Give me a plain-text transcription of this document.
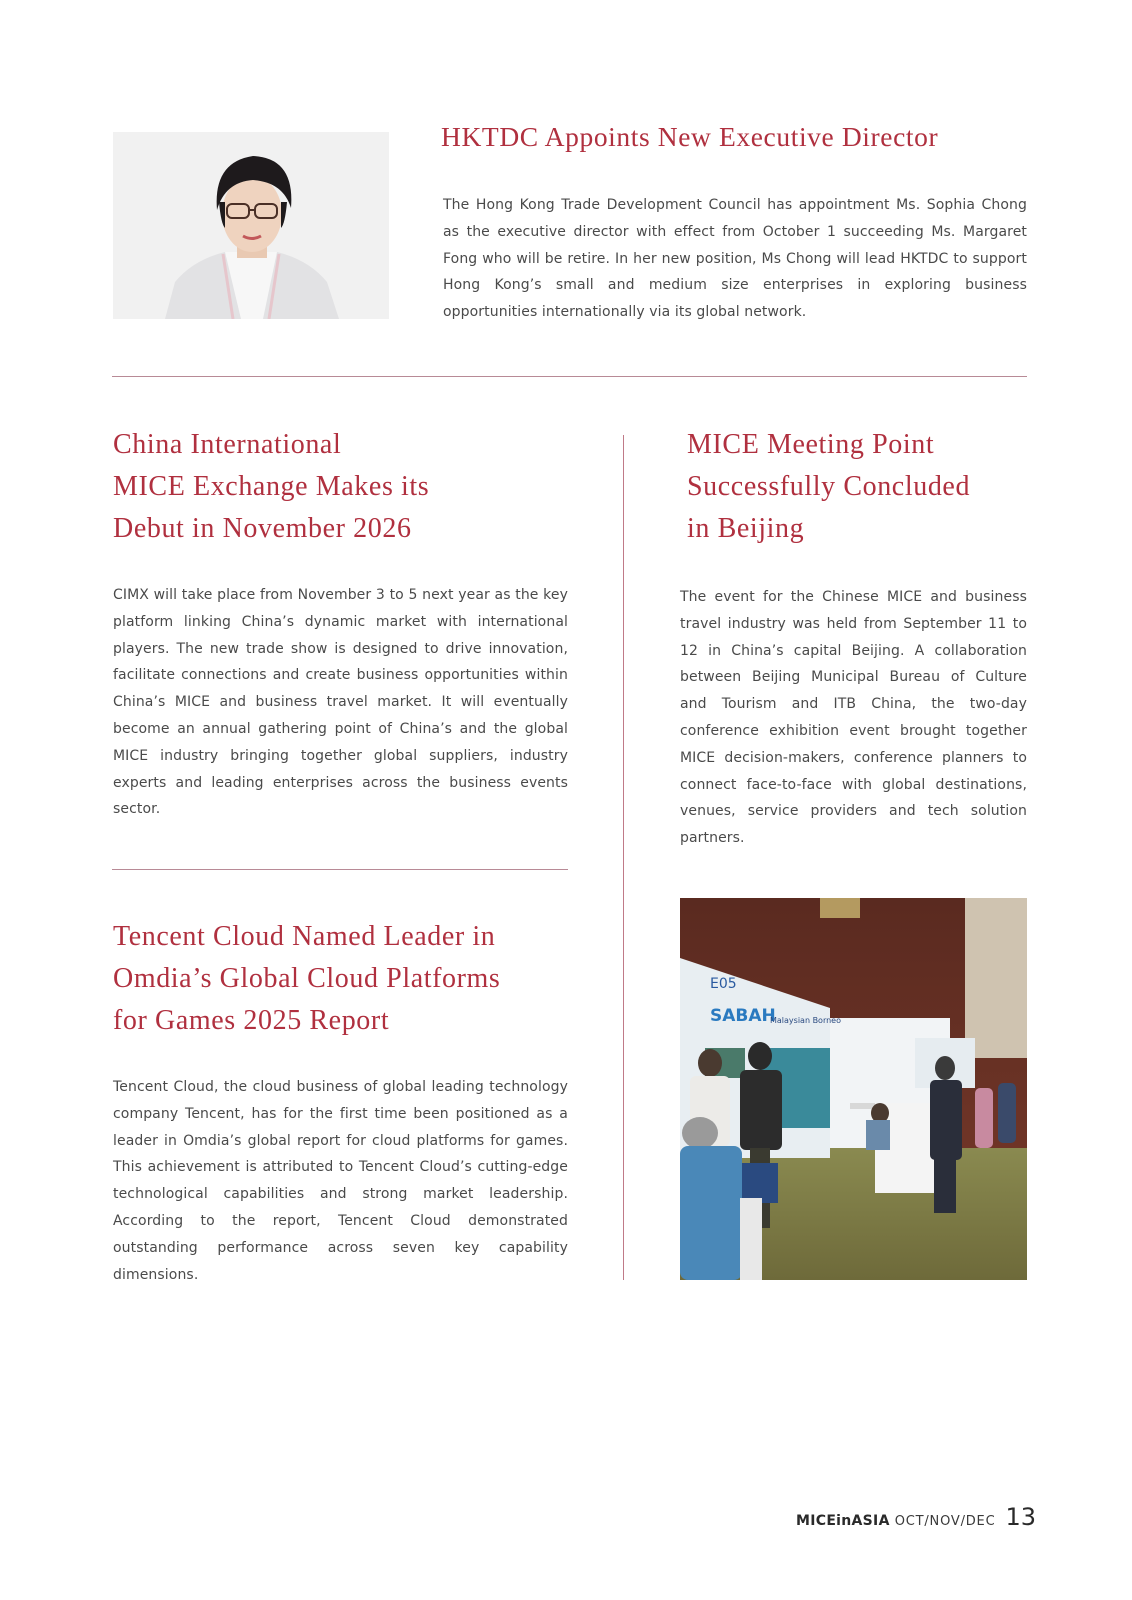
HKTDC Appoints New Executive Director

The Hong Kong Trade Development Council has appointment Ms. Sophia Chong as the executive director with effect from October 1 succeeding Ms. Margaret Fong who will be retire. In her new position, Ms Chong will lead HKTDC to support Hong Kong’s small and medium size enterprises in exploring business opportunities internationally via its global network.

China International
MICE Exchange Makes its
Debut in November 2026

CIMX will take place from November 3 to 5 next year as the key platform linking China’s dynamic market with international players. The new trade show is designed to drive innovation, facilitate connections and create business opportunities within China’s MICE and business travel market. It will eventually become an annual gathering point of China’s and the global MICE industry bringing together global suppliers, industry experts and leading enterprises across the business events sector.

Tencent Cloud Named Leader in
Omdia’s Global Cloud Platforms
for Games 2025 Report

Tencent Cloud, the cloud business of global leading technology company Tencent, has for the first time been positioned as a leader in Omdia’s global report for cloud platforms for games. This achievement is attributed to Tencent Cloud’s cutting-edge technological capabilities and strong market leadership. According to the report, Tencent Cloud demonstrated outstanding performance across seven key capability dimensions.

MICE Meeting Point
Successfully Concluded
in Beijing

The event for the Chinese MICE and business travel industry was held from September 11 to 12 in China’s capital Beijing. A collaboration between Beijing Municipal Bureau of Culture and Tourism and ITB China, the two-day conference exhibition event brought together MICE decision-makers, conference planners to connect face-to-face with global destinations, venues, service providers and tech solution partners.

E05
SABAH
Malaysian Borneo
MICEinASIA OCT/NOV/DEC 13
